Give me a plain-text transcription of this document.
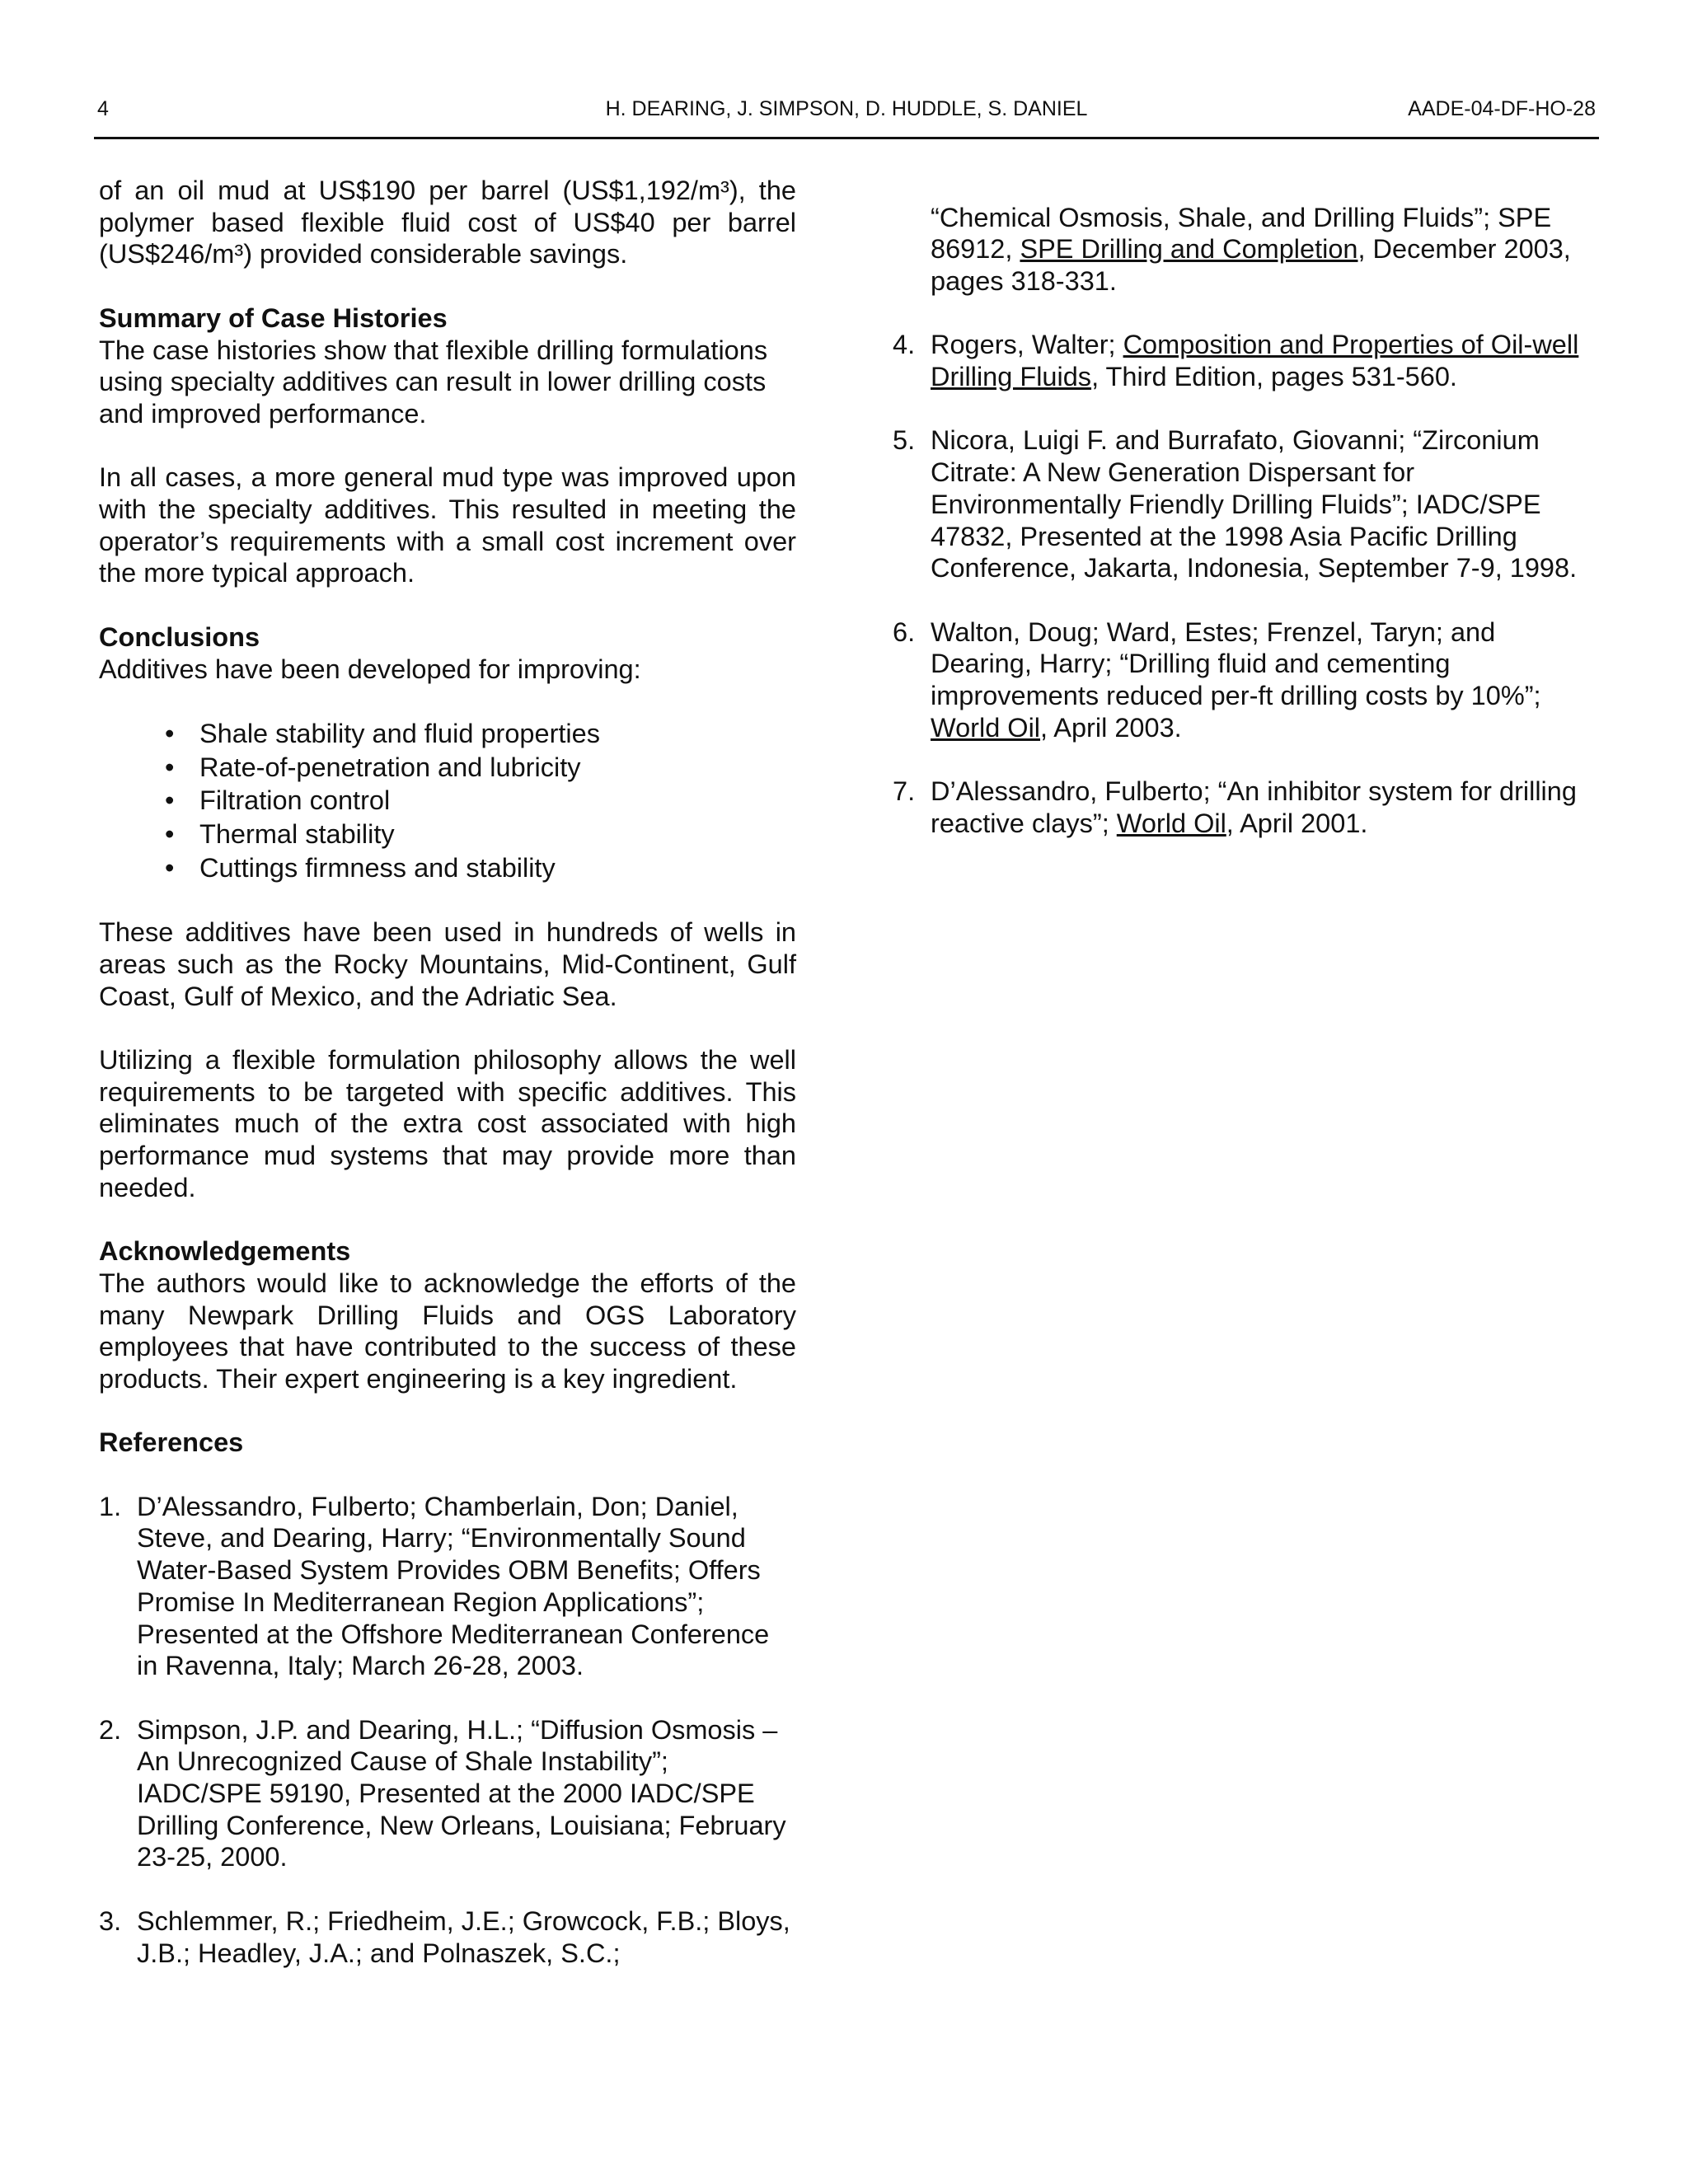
4	H. DEARING, J. SIMPSON, D. HUDDLE, S. DANIEL	AADE-04-DF-HO-28

of an oil mud at US$190 per barrel (US$1,192/m³), the polymer based flexible fluid cost of US$40 per barrel (US$246/m³) provided considerable savings.

Summary of Case Histories

The case histories show that flexible drilling formulations using specialty additives can result in lower drilling costs and improved performance.

In all cases, a more general mud type was improved upon with the specialty additives. This resulted in meeting the operator’s requirements with a small cost increment over the more typical approach.

Conclusions

Additives have been developed for improving:

• Shale stability and fluid properties
• Rate-of-penetration and lubricity
• Filtration control
• Thermal stability
• Cuttings firmness and stability

These additives have been used in hundreds of wells in areas such as the Rocky Mountains, Mid-Continent, Gulf Coast, Gulf of Mexico, and the Adriatic Sea.

Utilizing a flexible formulation philosophy allows the well requirements to be targeted with specific additives. This eliminates much of the extra cost associated with high performance mud systems that may provide more than needed.

Acknowledgements

The authors would like to acknowledge the efforts of the many Newpark Drilling Fluids and OGS Laboratory employees that have contributed to the success of these products. Their expert engineering is a key ingredient.

References

1. D’Alessandro, Fulberto; Chamberlain, Don; Daniel, Steve, and Dearing, Harry; “Environmentally Sound Water-Based System Provides OBM Benefits; Offers Promise In Mediterranean Region Applications”; Presented at the Offshore Mediterranean Conference in Ravenna, Italy; March 26-28, 2003.
2. Simpson, J.P. and Dearing, H.L.; “Diffusion Osmosis – An Unrecognized Cause of Shale Instability”; IADC/SPE 59190, Presented at the 2000 IADC/SPE Drilling Conference, New Orleans, Louisiana; February 23-25, 2000.
3. Schlemmer, R.; Friedheim, J.E.; Growcock, F.B.; Bloys, J.B.; Headley, J.A.; and Polnaszek, S.C.;

“Chemical Osmosis, Shale, and Drilling Fluids”; SPE 86912, SPE Drilling and Completion, December 2003, pages 318-331.

4. Rogers, Walter; Composition and Properties of Oil-well Drilling Fluids, Third Edition, pages 531-560.
5. Nicora, Luigi F. and Burrafato, Giovanni; “Zirconium Citrate: A New Generation Dispersant for Environmentally Friendly Drilling Fluids”; IADC/SPE 47832, Presented at the 1998 Asia Pacific Drilling Conference, Jakarta, Indonesia, September 7-9, 1998.
6. Walton, Doug; Ward, Estes; Frenzel, Taryn; and Dearing, Harry; “Drilling fluid and cementing improvements reduced per-ft drilling costs by 10%”; World Oil, April 2003.
7. D’Alessandro, Fulberto; “An inhibitor system for drilling reactive clays”; World Oil, April 2001.
